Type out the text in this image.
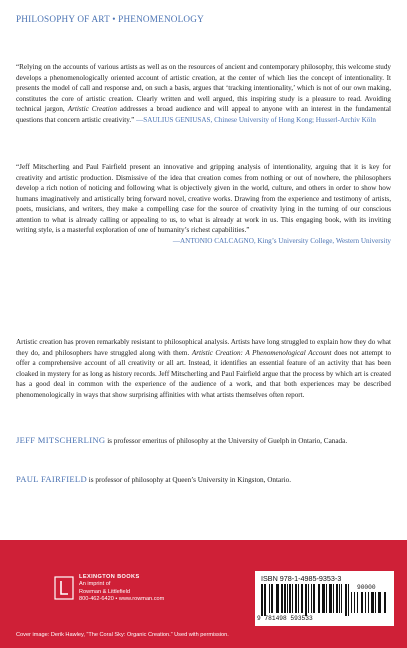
PHILOSOPHY OF ART • PHENOMENOLOGY

“Relying on the accounts of various artists as well as on the resources of ancient and contemporary philosophy, this welcome study develops a phenomenologically oriented account of artistic creation, at the center of which lies the concept of intentionality. It presents the model of call and response and, on such a basis, argues that ‘tracking intentionality,’ which is not of our own making, constitutes the core of artistic creation. Clearly written and well argued, this inspiring study is a pleasure to read. Avoiding technical jargon, Artistic Creation addresses a broad audience and will appeal to anyone with an interest in the fundamental questions that concern artistic creativity.” —SAULIUS GENIUSAS, Chinese University of Hong Kong; Husserl-Archiv Köln

“Jeff Mitscherling and Paul Fairfield present an innovative and gripping analysis of intentionality, arguing that it is key for creativity and artistic production. Dismissive of the idea that creation comes from nothing or out of nowhere, the philosophers develop a rich notion of noticing and following what is objectively given in the world, culture, and others in order to show how humans imaginatively and artistically bring forward novel, creative works. Drawing from the experience and testimony of artists, poets, musicians, and writers, they make a compelling case for the source of creativity lying in the turning of our conscious attention to what is already calling or appealing to us, to what is already at work in us. This engaging book, with its inviting writing style, is a masterful exploration of one of humanity’s richest capabilities.”

—ANTONIO CALCAGNO, King’s University College, Western University

Artistic creation has proven remarkably resistant to philosophical analysis. Artists have long struggled to explain how they do what they do, and philosophers have struggled along with them. Artistic Creation: A Phenomenological Account does not attempt to offer a comprehensive account of all creativity or all art. Instead, it identifies an essential feature of an activity that has been cloaked in mystery for as long as history records. Jeff Mitscherling and Paul Fairfield argue that the process by which art is created has a good deal in common with the experience of the audience of a work, and that both experiences may be described phenomenologically in ways that show surprising affinities with what artists themselves often report.

JEFF MITSCHERLING is professor emeritus of philosophy at the University of Guelph in Ontario, Canada.
PAUL FAIRFIELD is professor of philosophy at Queen’s University in Kingston, Ontario.
LEXINGTON BOOKS
An imprint of
Rowman & Littlefield
800-462-6420 • www.rowman.com
ISBN 978-1-4985-9353-3
9 781498 593533
90000
Cover image: Derik Hawley, “The Coral Sky: Organic Creation.” Used with permission.
